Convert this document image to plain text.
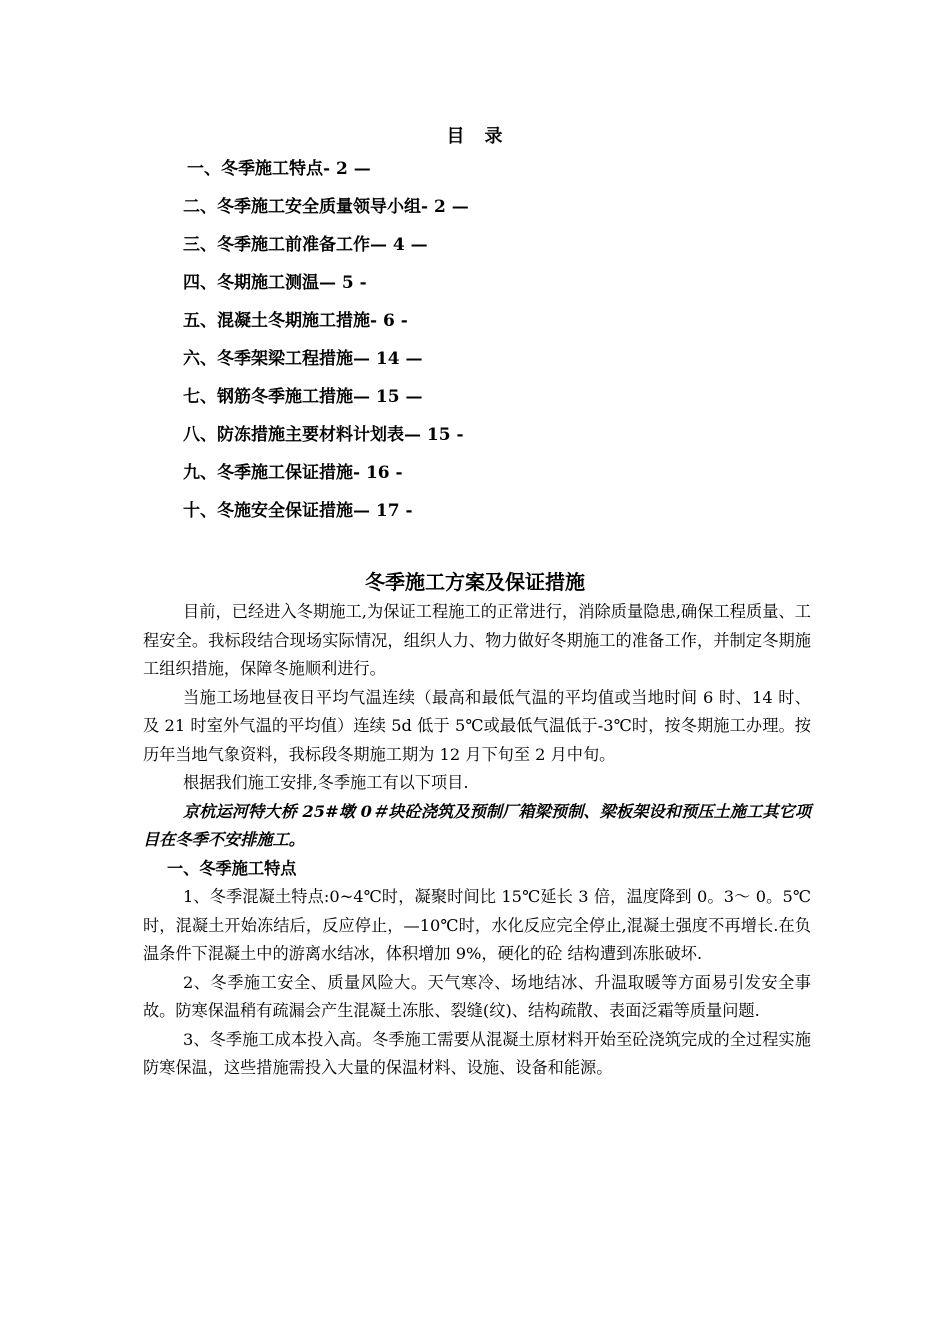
目　录
一、冬季施工特点- 2 —
二、冬季施工安全质量领导小组- 2 —
三、冬季施工前准备工作— 4 —
四、冬期施工测温— 5 -
五、混凝土冬期施工措施- 6 -
六、冬季架梁工程措施— 14 —
七、钢筋冬季施工措施— 15 —
八、防冻措施主要材料计划表— 15 -
九、冬季施工保证措施- 16 -
十、冬施安全保证措施— 17 -
冬季施工方案及保证措施

目前，已经进入冬期施工,为保证工程施工的正常进行，消除质量隐患,确保工程质量、工程安全。我标段结合现场实际情况，组织人力、物力做好冬期施工的准备工作，并制定冬期施工组织措施，保障冬施顺利进行。

当施工场地昼夜日平均气温连续（最高和最低气温的平均值或当地时间 6 时、14 时、及 21 时室外气温的平均值）连续 5d 低于 5℃或最低气温低于-3℃时，按冬期施工办理。按历年当地气象资料，我标段冬期施工期为 12 月下旬至 2 月中旬。

根据我们施工安排,冬季施工有以下项目.

京杭运河特大桥 25#墩 0＃块砼浇筑及预制厂箱梁预制、梁板架设和预压土施工其它项目在冬季不安排施工。

一、冬季施工特点

1、冬季混凝土特点:0~4℃时，凝聚时间比 15℃延长 3 倍，温度降到 0。3～ 0。5℃时，混凝土开始冻结后，反应停止，—10℃时，水化反应完全停止,混凝土强度不再增长.在负温条件下混凝土中的游离水结冰，体积增加 9%，硬化的砼 结构遭到冻胀破坏.

2、冬季施工安全、质量风险大。天气寒冷、场地结冰、升温取暖等方面易引发安全事故。防寒保温稍有疏漏会产生混凝土冻胀、裂缝(纹)、结构疏散、表面泛霜等质量问题.

3、冬季施工成本投入高。冬季施工需要从混凝土原材料开始至砼浇筑完成的全过程实施防寒保温，这些措施需投入大量的保温材料、设施、设备和能源。
